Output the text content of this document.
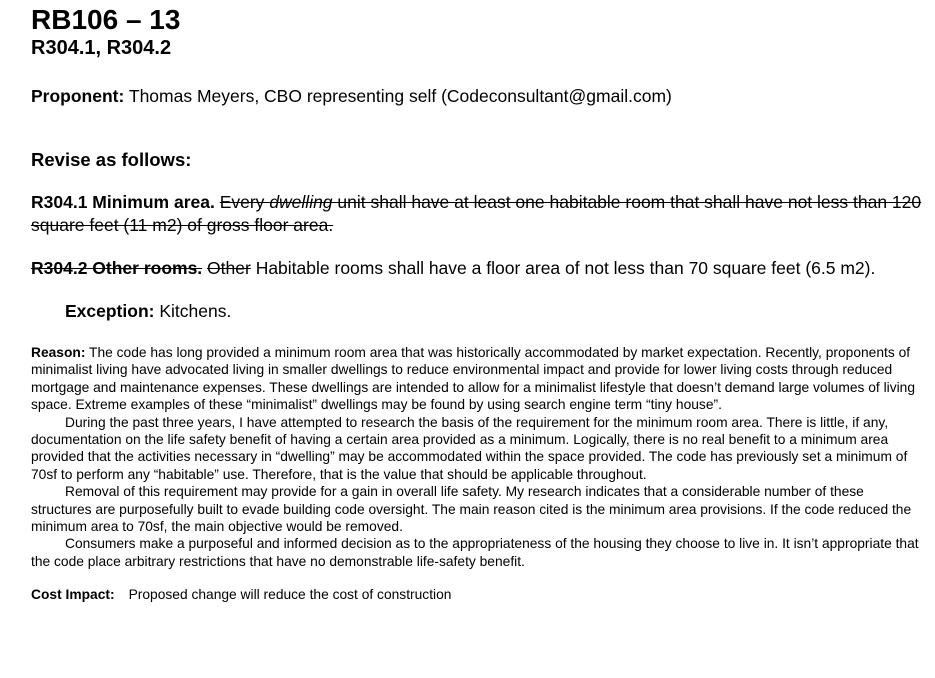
RB106 – 13
R304.1, R304.2
Proponent: Thomas Meyers, CBO representing self (Codeconsultant@gmail.com)
Revise as follows:
R304.1 Minimum area. Every dwelling unit shall have at least one habitable room that shall have not less than 120 square feet (11 m2) of gross floor area.
R304.2 Other rooms. Other Habitable rooms shall have a floor area of not less than 70 square feet (6.5 m2).
Exception: Kitchens.

Reason: The code has long provided a minimum room area that was historically accommodated by market expectation. Recently, proponents of minimalist living have advocated living in smaller dwellings to reduce environmental impact and provide for lower living costs through reduced mortgage and maintenance expenses. These dwellings are intended to allow for a minimalist lifestyle that doesn’t demand large volumes of living space. Extreme examples of these “minimalist” dwellings may be found by using search engine term “tiny house”.

During the past three years, I have attempted to research the basis of the requirement for the minimum room area. There is little, if any, documentation on the life safety benefit of having a certain area provided as a minimum. Logically, there is no real benefit to a minimum area provided that the activities necessary in “dwelling” may be accommodated within the space provided. The code has previously set a minimum of 70sf to perform any “habitable” use. Therefore, that is the value that should be applicable throughout.

Removal of this requirement may provide for a gain in overall life safety. My research indicates that a considerable number of these structures are purposefully built to evade building code oversight. The main reason cited is the minimum area provisions. If the code reduced the minimum area to 70sf, the main objective would be removed.

Consumers make a purposeful and informed decision as to the appropriateness of the housing they choose to live in. It isn’t appropriate that the code place arbitrary restrictions that have no demonstrable life-safety benefit.

Cost Impact: Proposed change will reduce the cost of construction
